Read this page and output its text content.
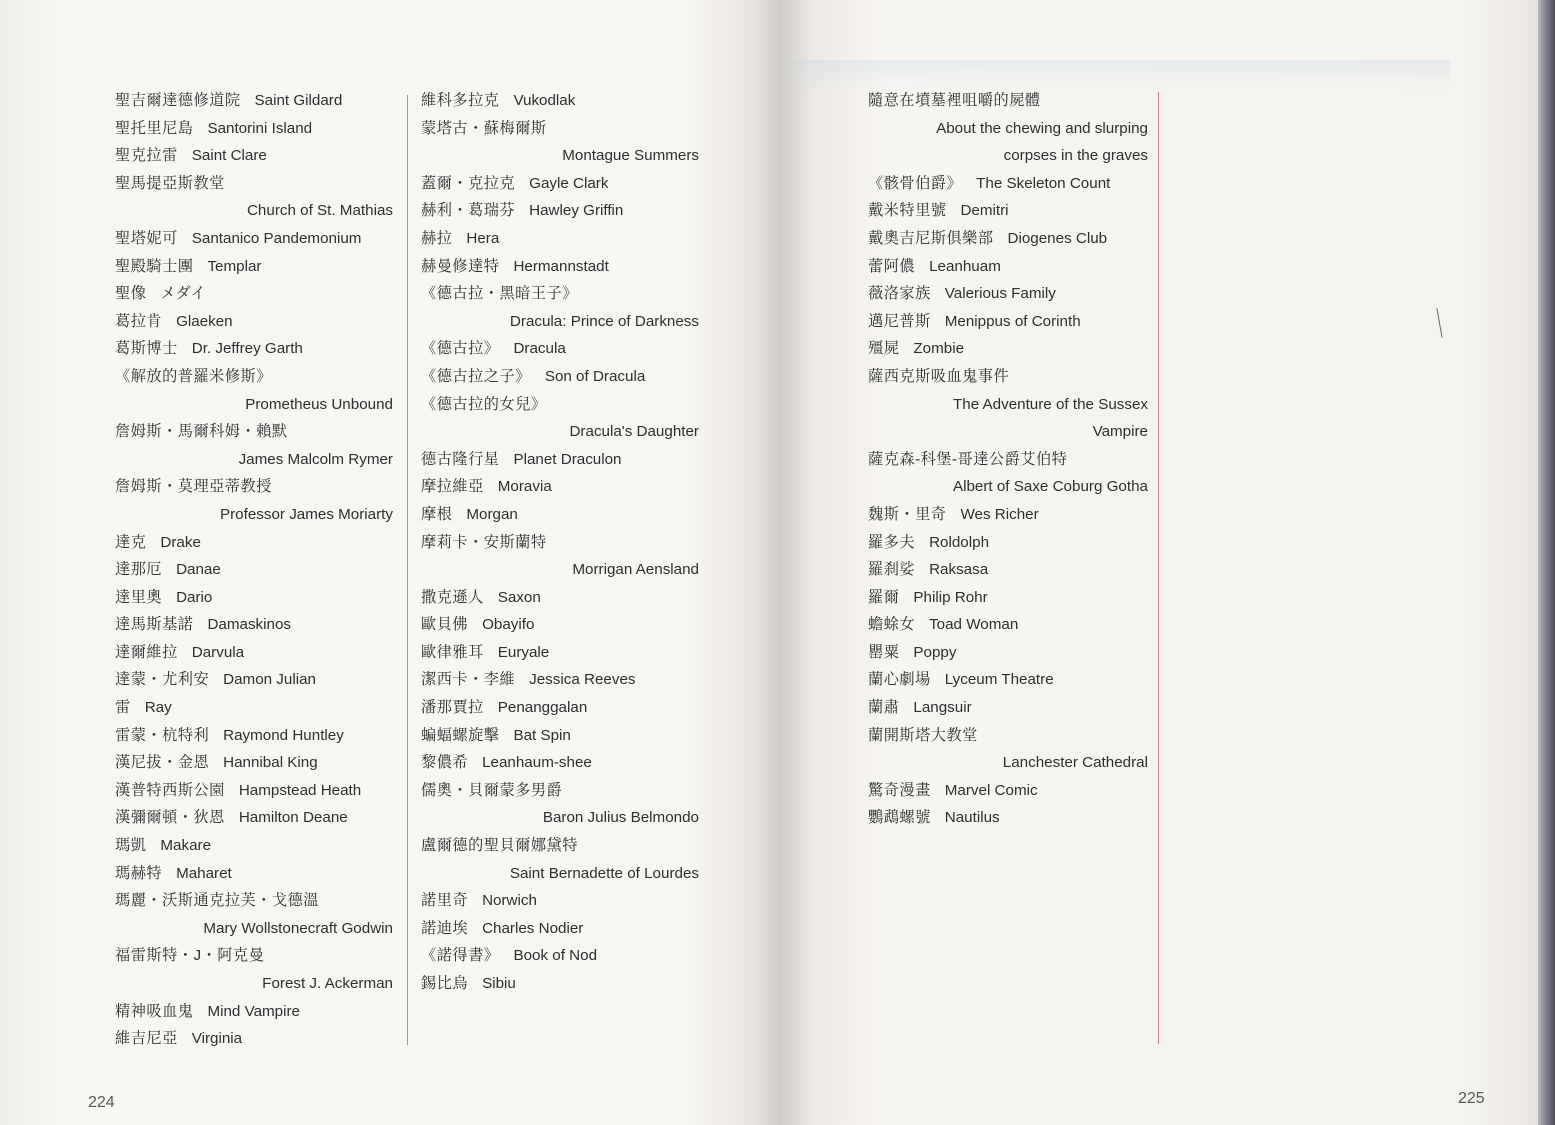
聖吉爾達德修道院 Saint Gildard
聖托里尼島 Santorini Island
聖克拉雷 Saint Clare
聖馬提亞斯教堂
Church of St. Mathias
聖塔妮可 Santanico Pandemonium
聖殿騎士團 Templar
聖像 メダイ
葛拉肯 Glaeken
葛斯博士 Dr. Jeffrey Garth
《解放的普羅米修斯》
Prometheus Unbound
詹姆斯・馬爾科姆・賴默
James Malcolm Rymer
詹姆斯・莫理亞蒂教授
Professor James Moriarty
達克 Drake
達那厄 Danae
達里奧 Dario
達馬斯基諾 Damaskinos
達爾維拉 Darvula
達蒙・尤利安 Damon Julian
雷 Ray
雷蒙・杭特利 Raymond Huntley
漢尼拔・金恩 Hannibal King
漢普特西斯公園 Hampstead Heath
漢彌爾頓・狄恩 Hamilton Deane
瑪凱 Makare
瑪赫特 Maharet
瑪麗・沃斯通克拉芙・戈德溫
Mary Wollstonecraft Godwin
福雷斯特・J・阿克曼
Forest J. Ackerman
精神吸血鬼 Mind Vampire
維吉尼亞 Virginia
維科多拉克 Vukodlak
蒙塔古・蘇梅爾斯
Montague Summers
蓋爾・克拉克 Gayle Clark
赫利・葛瑞芬 Hawley Griffin
赫拉 Hera
赫曼修達特 Hermannstadt
《德古拉・黑暗王子》
Dracula: Prince of Darkness
《德古拉》 Dracula
《德古拉之子》 Son of Dracula
《德古拉的女兒》
Dracula's Daughter
德古隆行星 Planet Draculon
摩拉維亞 Moravia
摩根 Morgan
摩莉卡・安斯蘭特
Morrigan Aensland
撒克遜人 Saxon
歐貝佛 Obayifo
歐律雅耳 Euryale
潔西卡・李維 Jessica Reeves
潘那賈拉 Penanggalan
蝙蝠螺旋擊 Bat Spin
黎儂希 Leanhaum-shee
儒奧・貝爾蒙多男爵
Baron Julius Belmondo
盧爾德的聖貝爾娜黛特
Saint Bernadette of Lourdes
諾里奇 Norwich
諾迪埃 Charles Nodier
《諾得書》 Book of Nod
錫比烏 Sibiu
隨意在墳墓裡咀嚼的屍體
About the chewing and slurping
corpses in the graves
《骸骨伯爵》 The Skeleton Count
戴米特里號 Demitri
戴奧吉尼斯俱樂部 Diogenes Club
蕾阿儂 Leanhuam
薇洛家族 Valerious Family
邁尼普斯 Menippus of Corinth
殭屍 Zombie
薩西克斯吸血鬼事件
The Adventure of the Sussex
Vampire
薩克森-科堡-哥達公爵艾伯特
Albert of Saxe Coburg Gotha
魏斯・里奇 Wes Richer
羅多夫 Roldolph
羅刹娑 Raksasa
羅爾 Philip Rohr
蟾蜍女 Toad Woman
罌粟 Poppy
蘭心劇場 Lyceum Theatre
蘭肅 Langsuir
蘭開斯塔大教堂
Lanchester Cathedral
驚奇漫畫 Marvel Comic
鸚鵡螺號 Nautilus
224	225
